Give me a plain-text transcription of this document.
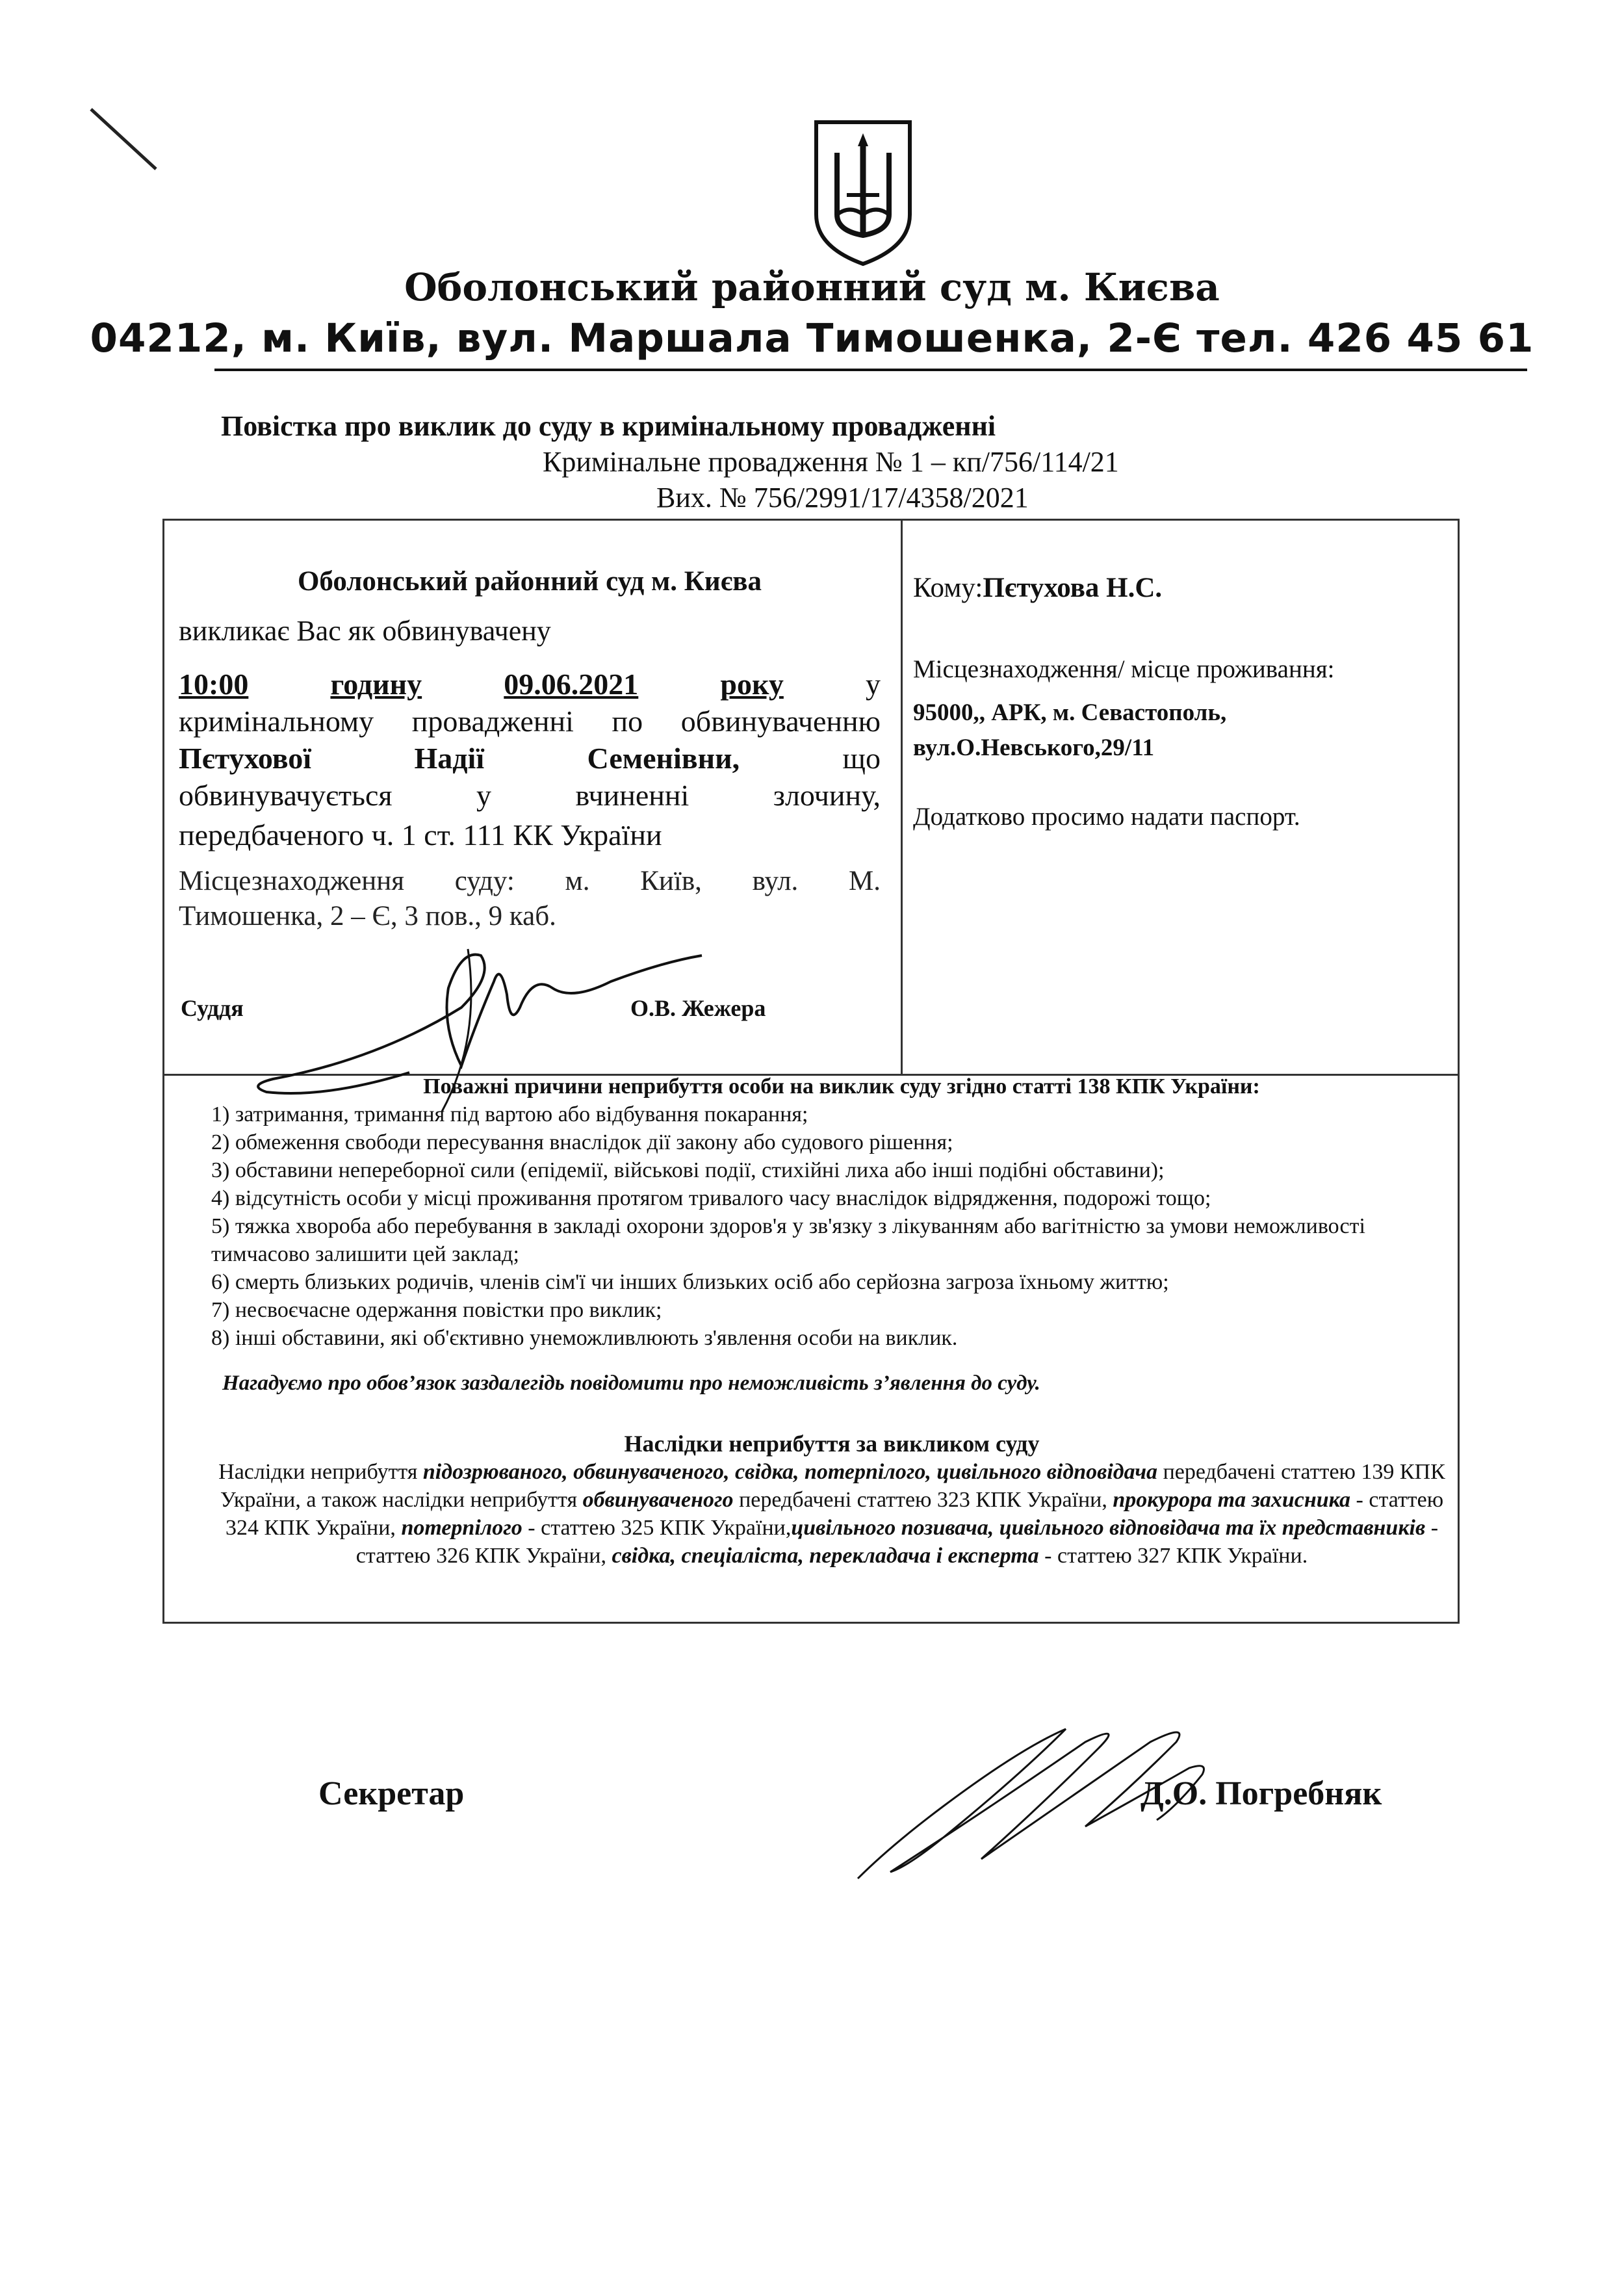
Оболонський районний суд м. Києва
04212, м. Київ, вул. Маршала Тимошенка, 2-Є тел. 426 45 61
Повістка про виклик до суду в кримінальному провадженні
Кримінальне провадження № 1 – кп/756/114/21
Вих. № 756/2991/17/4358/2021
Оболонський районний суд м. Києва
викликає Вас як обвинувачену
10:00	годину	09.06.2021	року	у
кримінальному провадженні по обвинуваченню
Пєтухової	Надії	Семенівни,	що
обвинувачується у вчиненні злочину,
передбаченого ч. 1 ст. 111 КК України
Місцезнаходження суду: м. Київ, вул. М.
Тимошенка, 2 – Є, 3 пов., 9 каб.
Суддя	О.В. Жежера
Кому:Пєтухова Н.С.
Місцезнаходження/ місце проживання:
95000,, АРК, м. Севастополь,
вул.О.Невського,29/11
Додатково просимо надати паспорт.
Поважні причини неприбуття особи на виклик суду згідно статті 138 КПК України:
1) затримання, тримання під вартою або відбування покарання;
2) обмеження свободи пересування внаслідок дії закону або судового рішення;
3) обставини непереборної сили (епідемії, військові події, стихійні лиха або інші подібні обставини);
4) відсутність особи у місці проживання протягом тривалого часу внаслідок відрядження, подорожі тощо;
5) тяжка хвороба або перебування в закладі охорони здоров'я у зв'язку з лікуванням або вагітністю за умови неможливості тимчасово залишити цей заклад;
6) смерть близьких родичів, членів сім'ї чи інших близьких осіб або серйозна загроза їхньому життю;
7) несвоєчасне одержання повістки про виклик;
8) інші обставини, які об'єктивно унеможливлюють з'явлення особи на виклик.
Нагадуємо про обов’язок заздалегідь повідомити про неможливість з’явлення до суду.
Наслідки неприбуття за викликом суду
Наслідки неприбуття підозрюваного, обвинуваченого, свідка, потерпілого, цивільного відповідача передбачені статтею 139 КПК України, а також наслідки неприбуття обвинуваченого передбачені статтею 323 КПК України, прокурора та захисника - статтею 324 КПК України, потерпілого - статтею 325 КПК України,цивільного позивача, цивільного відповідача та їх представників - статтею 326 КПК України, свідка, спеціаліста, перекладача і експерта - статтею 327 КПК України.
Секретар	Д.О. Погребняк
